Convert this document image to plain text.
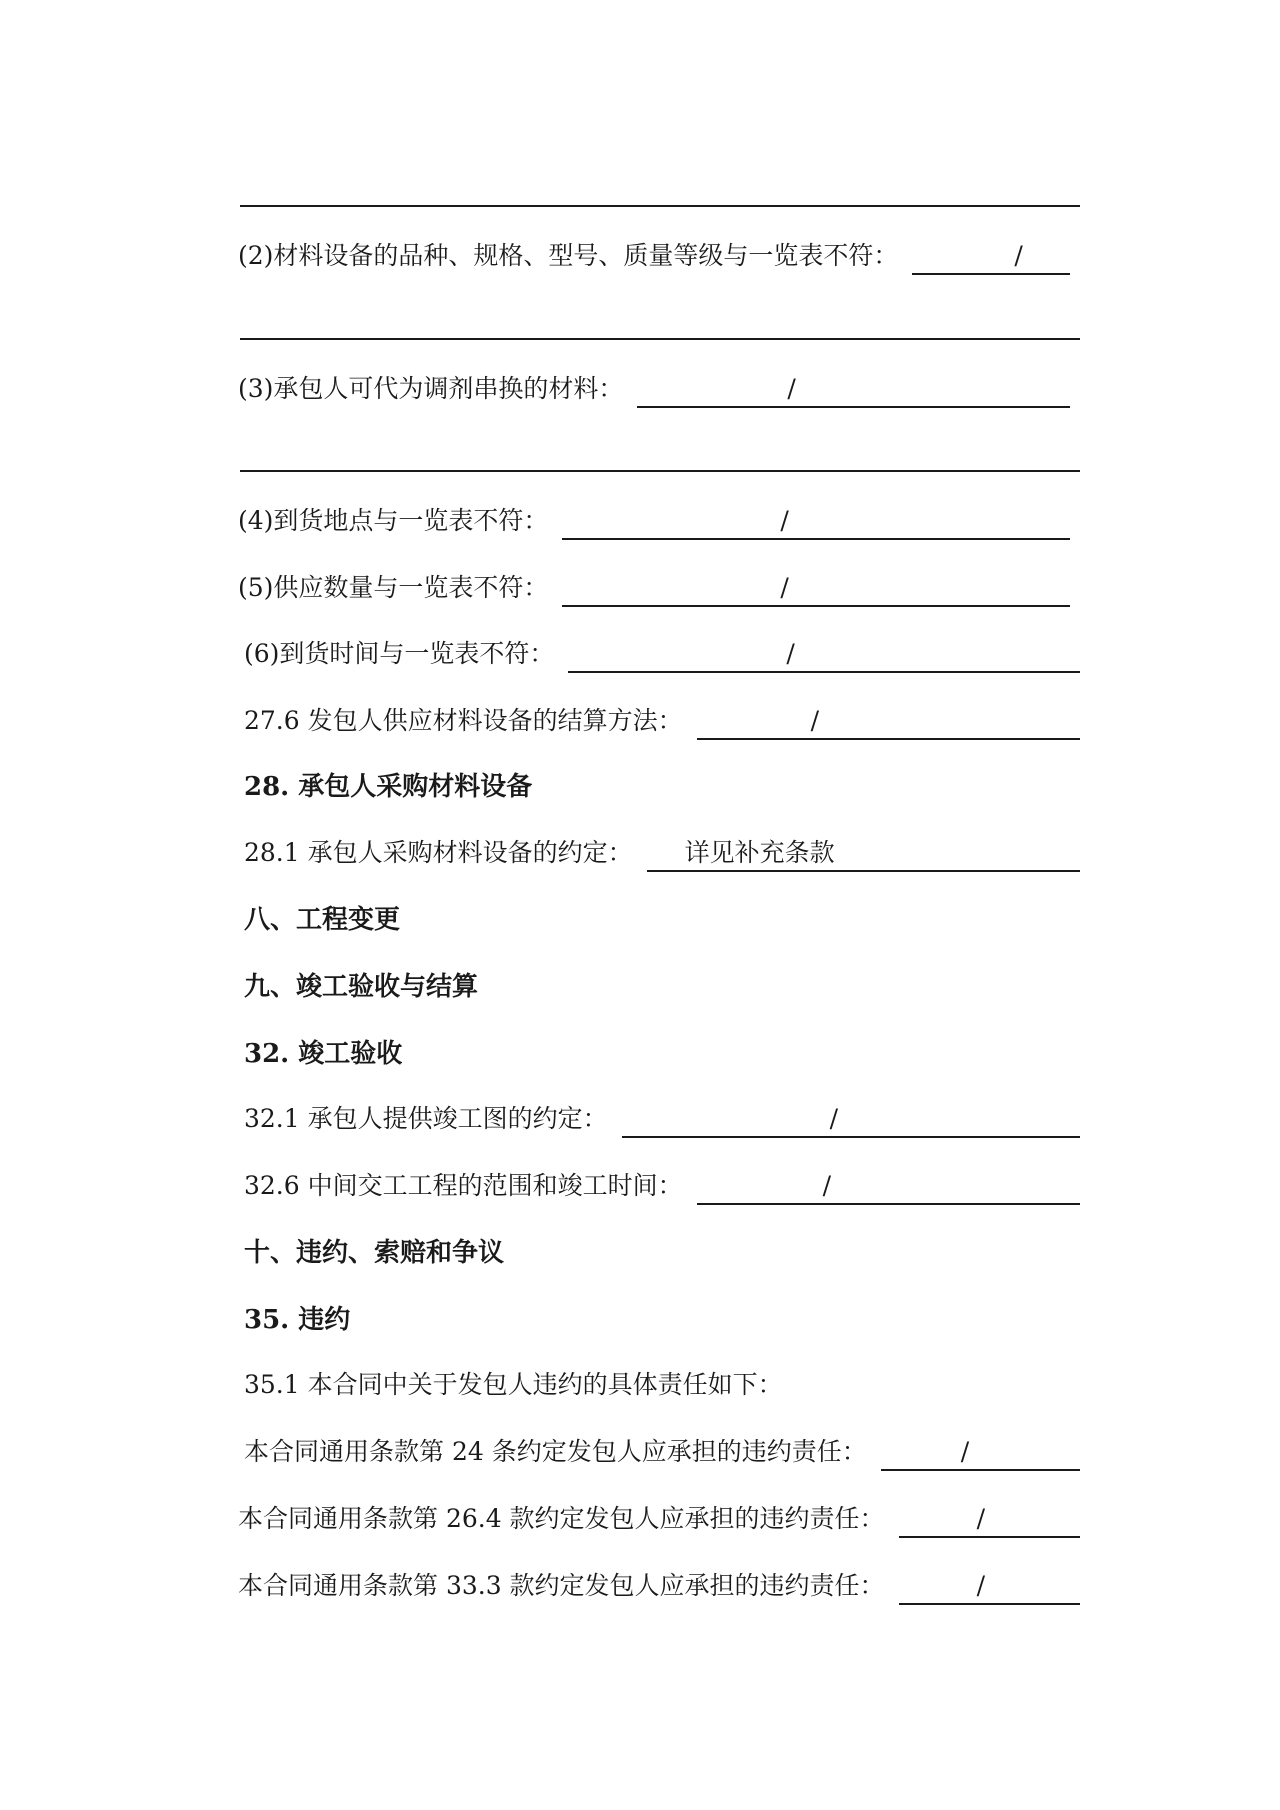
(2)材料设备的品种、规格、型号、质量等级与一览表不符：	/
(3)承包人可代为调剂串换的材料：	/
(4)到货地点与一览表不符：	/
(5)供应数量与一览表不符：	/
(6)到货时间与一览表不符：	/
27.6 发包人供应材料设备的结算方法：	/
28. 承包人采购材料设备
28.1 承包人采购材料设备的约定： 详见补充条款
八、工程变更
九、竣工验收与结算
32. 竣工验收
32.1 承包人提供竣工图的约定：	/
32.6 中间交工工程的范围和竣工时间：	/
十、违约、索赔和争议
35. 违约
35.1 本合同中关于发包人违约的具体责任如下：
本合同通用条款第 24 条约定发包人应承担的违约责任：	/
本合同通用条款第 26.4 款约定发包人应承担的违约责任：	/
本合同通用条款第 33.3 款约定发包人应承担的违约责任：	/
